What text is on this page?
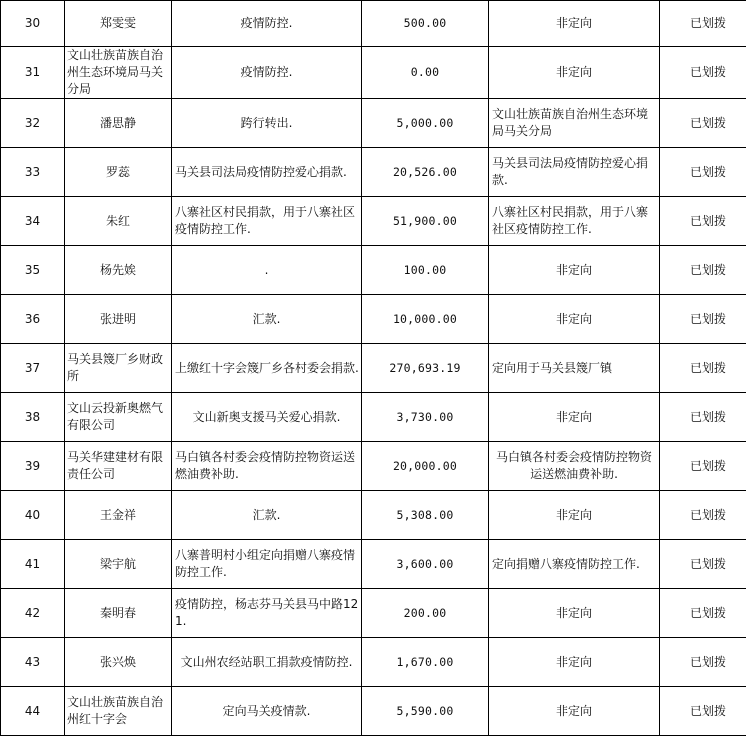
30	郑雯雯	疫情防控.	500.00	非定向	已划拨
31	文山壮族苗族自治州生态环境局马关分局	疫情防控.	0.00	非定向	已划拨
32	潘思静	跨行转出.	5,000.00	文山壮族苗族自治州生态环境局马关分局	已划拨
33	罗蕊	马关县司法局疫情防控爱心捐款.	20,526.00	马关县司法局疫情防控爱心捐款.	已划拨
34	朱红	八寨社区村民捐款，用于八寨社区疫情防控工作.	51,900.00	八寨社区村民捐款，用于八寨社区疫情防控工作.	已划拨
35	杨先娭	.	100.00	非定向	已划拨
36	张进明	汇款.	10,000.00	非定向	已划拨
37	马关县篾厂乡财政所	上缴红十字会篾厂乡各村委会捐款.	270,693.19	定向用于马关县篾厂镇	已划拨
38	文山云投新奥燃气有限公司	文山新奥支援马关爱心捐款.	3,730.00	非定向	已划拨
39	马关华建建材有限责任公司	马白镇各村委会疫情防控物资运送燃油费补助.	20,000.00	马白镇各村委会疫情防控物资运送燃油费补助.	已划拨
40	王金祥	汇款.	5,308.00	非定向	已划拨
41	梁宇航	八寨普明村小组定向捐赠八寨疫情防控工作.	3,600.00	定向捐赠八寨疫情防控工作.	已划拨
42	秦明春	疫情防控，杨志芬马关县马中路121.	200.00	非定向	已划拨
43	张兴焕	文山州农经站职工捐款疫情防控.	1,670.00	非定向	已划拨
44	文山壮族苗族自治州红十字会	定向马关疫情款.	5,590.00	非定向	已划拨
